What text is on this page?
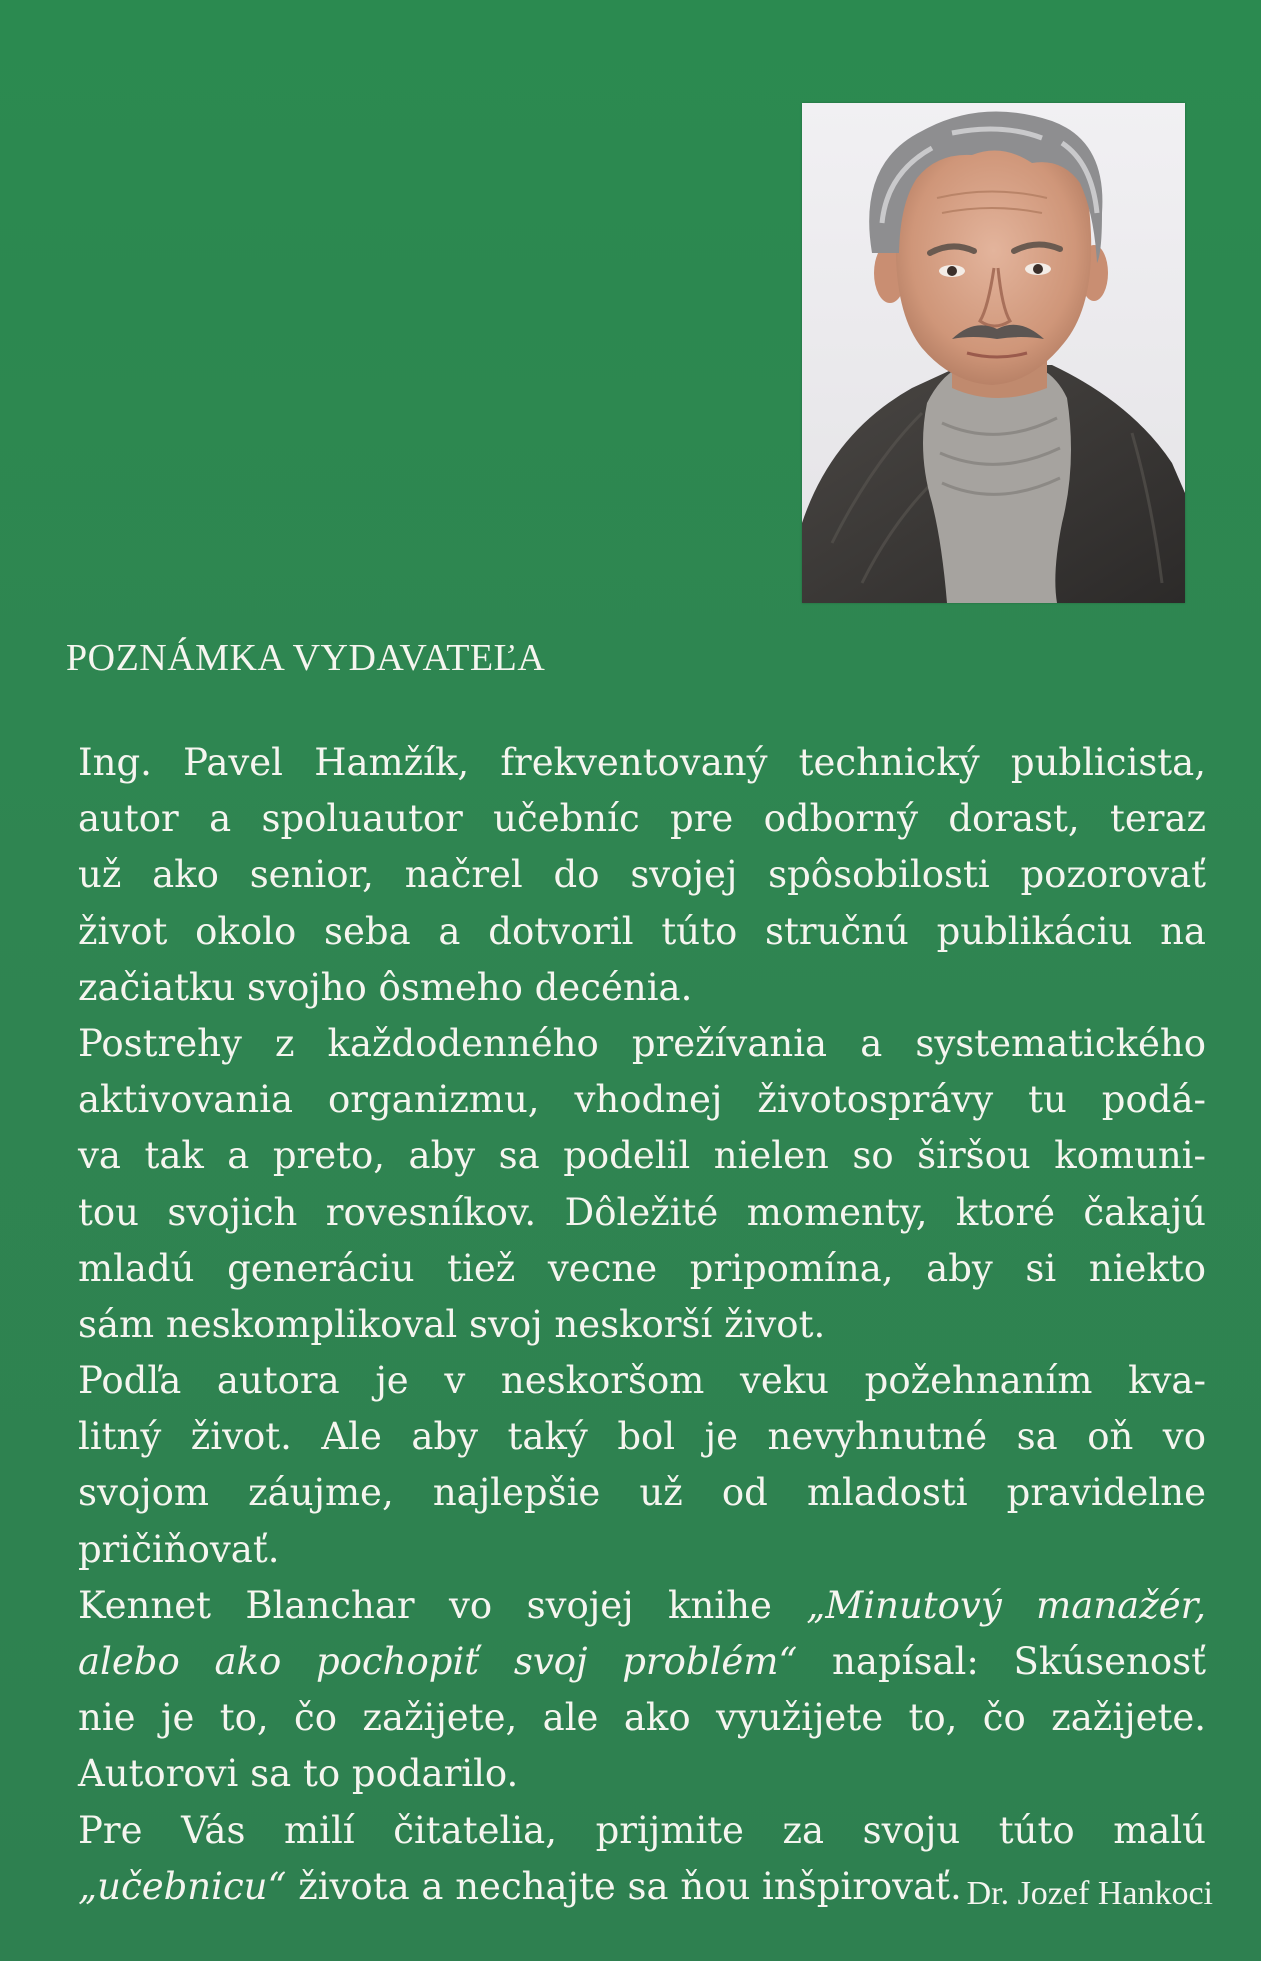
POZNÁMKA VYDAVATEĽA
Ing. Pavel Hamžík, frekventovaný technický publicista,
autor a spoluautor učebníc pre odborný dorast, teraz
už ako senior, načrel do svojej spôsobilosti pozorovať
život okolo seba a dotvoril túto stručnú publikáciu na
začiatku svojho ôsmeho decénia.
Postrehy z každodenného prežívania a systematického
aktivovania organizmu, vhodnej životosprávy tu podá-
va tak a preto, aby sa podelil nielen so širšou komuni-
tou svojich rovesníkov. Dôležité momenty, ktoré čakajú
mladú generáciu tiež vecne pripomína, aby si niekto
sám neskomplikoval svoj neskorší život.
Podľa autora je v neskoršom veku požehnaním kva-
litný život. Ale aby taký bol je nevyhnutné sa oň vo
svojom záujme, najlepšie už od mladosti pravidelne
pričiňovať.
Kennet Blanchar vo svojej knihe „Minutový manažér,
alebo ako pochopiť svoj problém“ napísal: Skúsenosť
nie je to, čo zažijete, ale ako využijete to, čo zažijete.
Autorovi sa to podarilo.
Pre Vás milí čitatelia, prijmite za svoju túto malú
„učebnicu“ života a nechajte sa ňou inšpirovať. Dr. Jozef Hankoci
